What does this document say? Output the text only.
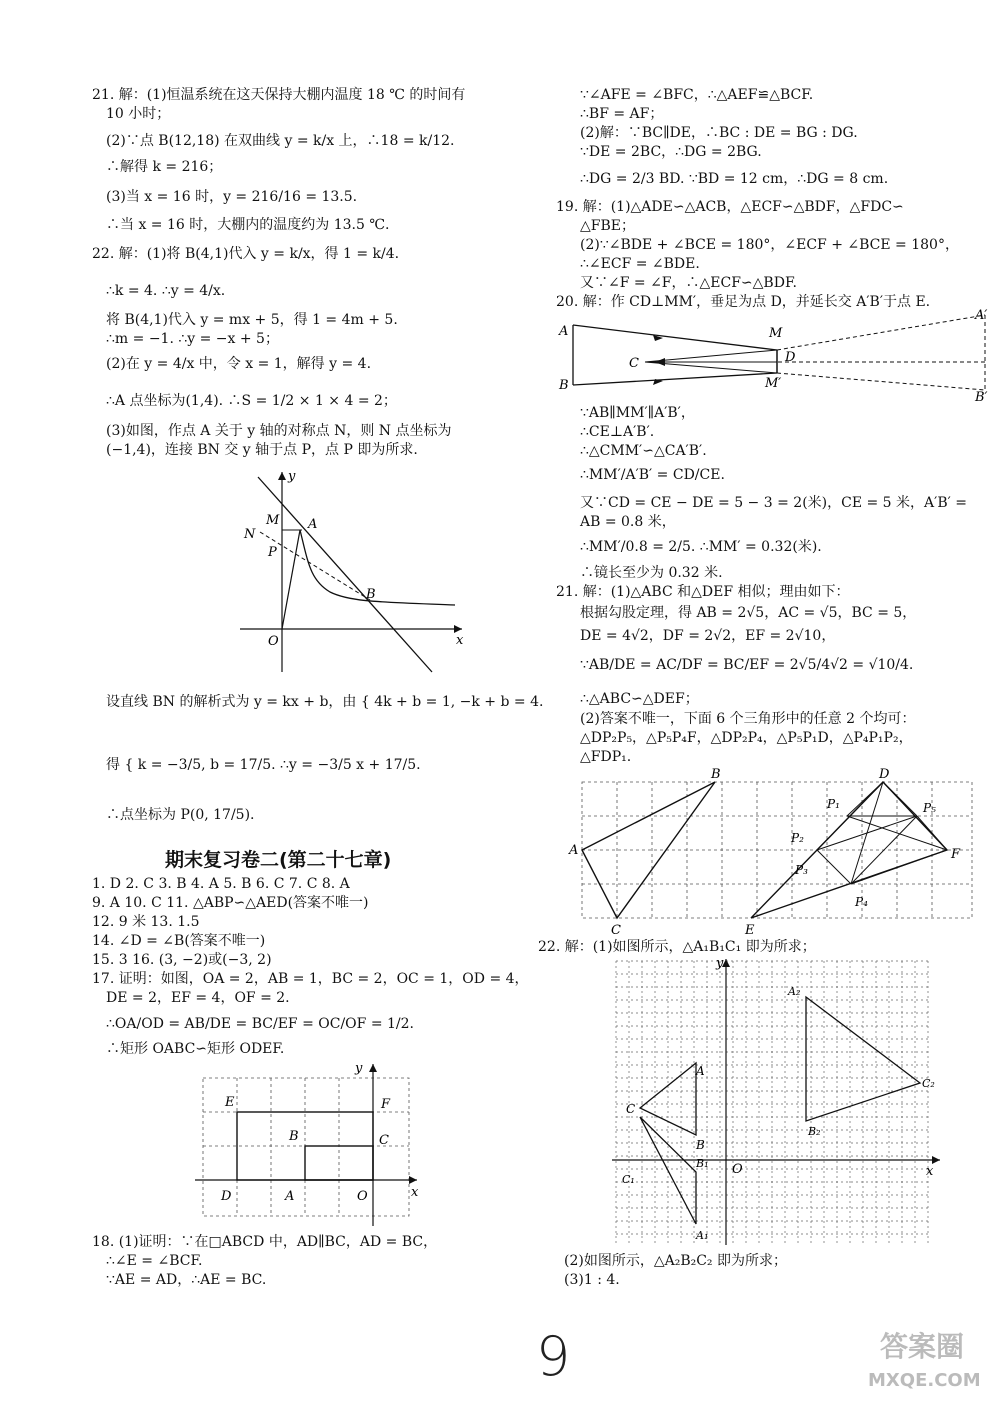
21. 解：(1)恒温系统在这天保持大棚内温度 18 ℃ 的时间有
10 小时；
(2)∵点 B(12,18) 在双曲线 y = k/x 上，∴18 = k/12.
∴解得 k = 216；
(3)当 x = 16 时，y = 216/16 = 13.5.
∴当 x = 16 时，大棚内的温度约为 13.5 ℃.
22. 解：(1)将 B(4,1)代入 y = k/x，得 1 = k/4.
∴k = 4. ∴y = 4/x.
将 B(4,1)代入 y = mx + 5，得 1 = 4m + 5.
∴m = −1. ∴y = −x + 5；
(2)在 y = 4/x 中，令 x = 1，解得 y = 4.
∴A 点坐标为(1,4). ∴S = 1/2 × 1 × 4 = 2；
(3)如图，作点 A 关于 y 轴的对称点 N，则 N 点坐标为
(−1,4)，连接 BN 交 y 轴于点 P，点 P 即为所求.
x
y
O
M A
N
P
B
设直线 BN 的解析式为 y = kx + b，由 { 4k + b = 1, −k + b = 4.
得 { k = −3/5, b = 17/5. ∴y = −3/5 x + 17/5.
∴点坐标为 P(0, 17/5).
期末复习卷二(第二十七章)
1. D 2. C 3. B 4. A 5. B 6. C 7. C 8. A
9. A 10. C 11. △ABP∽△AED(答案不唯一)
12. 9 米 13. 1.5
14. ∠D = ∠B(答案不唯一)
15. 3 16. (3, −2)或(−3, 2)
17. 证明：如图，OA = 2，AB = 1，BC = 2，OC = 1，OD = 4，
DE = 2，EF = 4，OF = 2.
∴OA/OD = AB/DE = BC/EF = OC/OF = 1/2.
∴矩形 OABC∽矩形 ODEF.
x
y
E	F
B	C
D	A	O
18. (1)证明：∵在□ABCD 中，AD∥BC，AD = BC，
∴∠E = ∠BCF.
∵AE = AD，∴AE = BC.
∵∠AFE = ∠BFC，∴△AEF≌△BCF.
∴BF = AF；
(2)解：∵BC∥DE，∴BC : DE = BG : DG.
∵DE = 2BC，∴DG = 2BG.
∴DG = 2/3 BD. ∵BD = 12 cm，∴DG = 8 cm.
19. 解：(1)△ADE∽△ACB，△ECF∽△BDF，△FDC∽
△FBE；
(2)∵∠BDE + ∠BCE = 180°，∠ECF + ∠BCE = 180°，
∴∠ECF = ∠BDE.
又∵∠F = ∠F，∴△ECF∽△BDF.
20. 解：作 CD⊥MM′，垂足为点 D，并延长交 A′B′于点 E.
A
B
C
M
D
M′
A′
B′
∵AB∥MM′∥A′B′，
∴CE⊥A′B′.
∴△CMM′∽△CA′B′.
∴MM′/A′B′ = CD/CE.
又∵CD = CE − DE = 5 − 3 = 2(米)，CE = 5 米，A′B′ =
AB = 0.8 米，
∴MM′/0.8 = 2/5. ∴MM′ = 0.32(米).
∴镜长至少为 0.32 米.
21. 解：(1)△ABC 和△DEF 相似；理由如下：
根据勾股定理，得 AB = 2√5，AC = √5，BC = 5，
DE = 4√2，DF = 2√2，EF = 2√10，
∵AB/DE = AC/DF = BC/EF = 2√5/4√2 = √10/4.
∴△ABC∽△DEF；
(2)答案不唯一，下面 6 个三角形中的任意 2 个均可：
△DP₂P₅，△P₅P₄F，△DP₂P₄，△P₅P₁D，△P₄P₁P₂，
△FDP₁.
A
B
C
D
E
F
P₁
P₂
P₃
P₄
P₅
22. 解：(1)如图所示，△A₁B₁C₁ 即为所求；
x
y
O
A
C
B
B₁
C₁
A₁
A₂
C₂
B₂
(2)如图所示，△A₂B₂C₂ 即为所求；
(3)1 : 4.
9	答案圈
MXQE.COM
